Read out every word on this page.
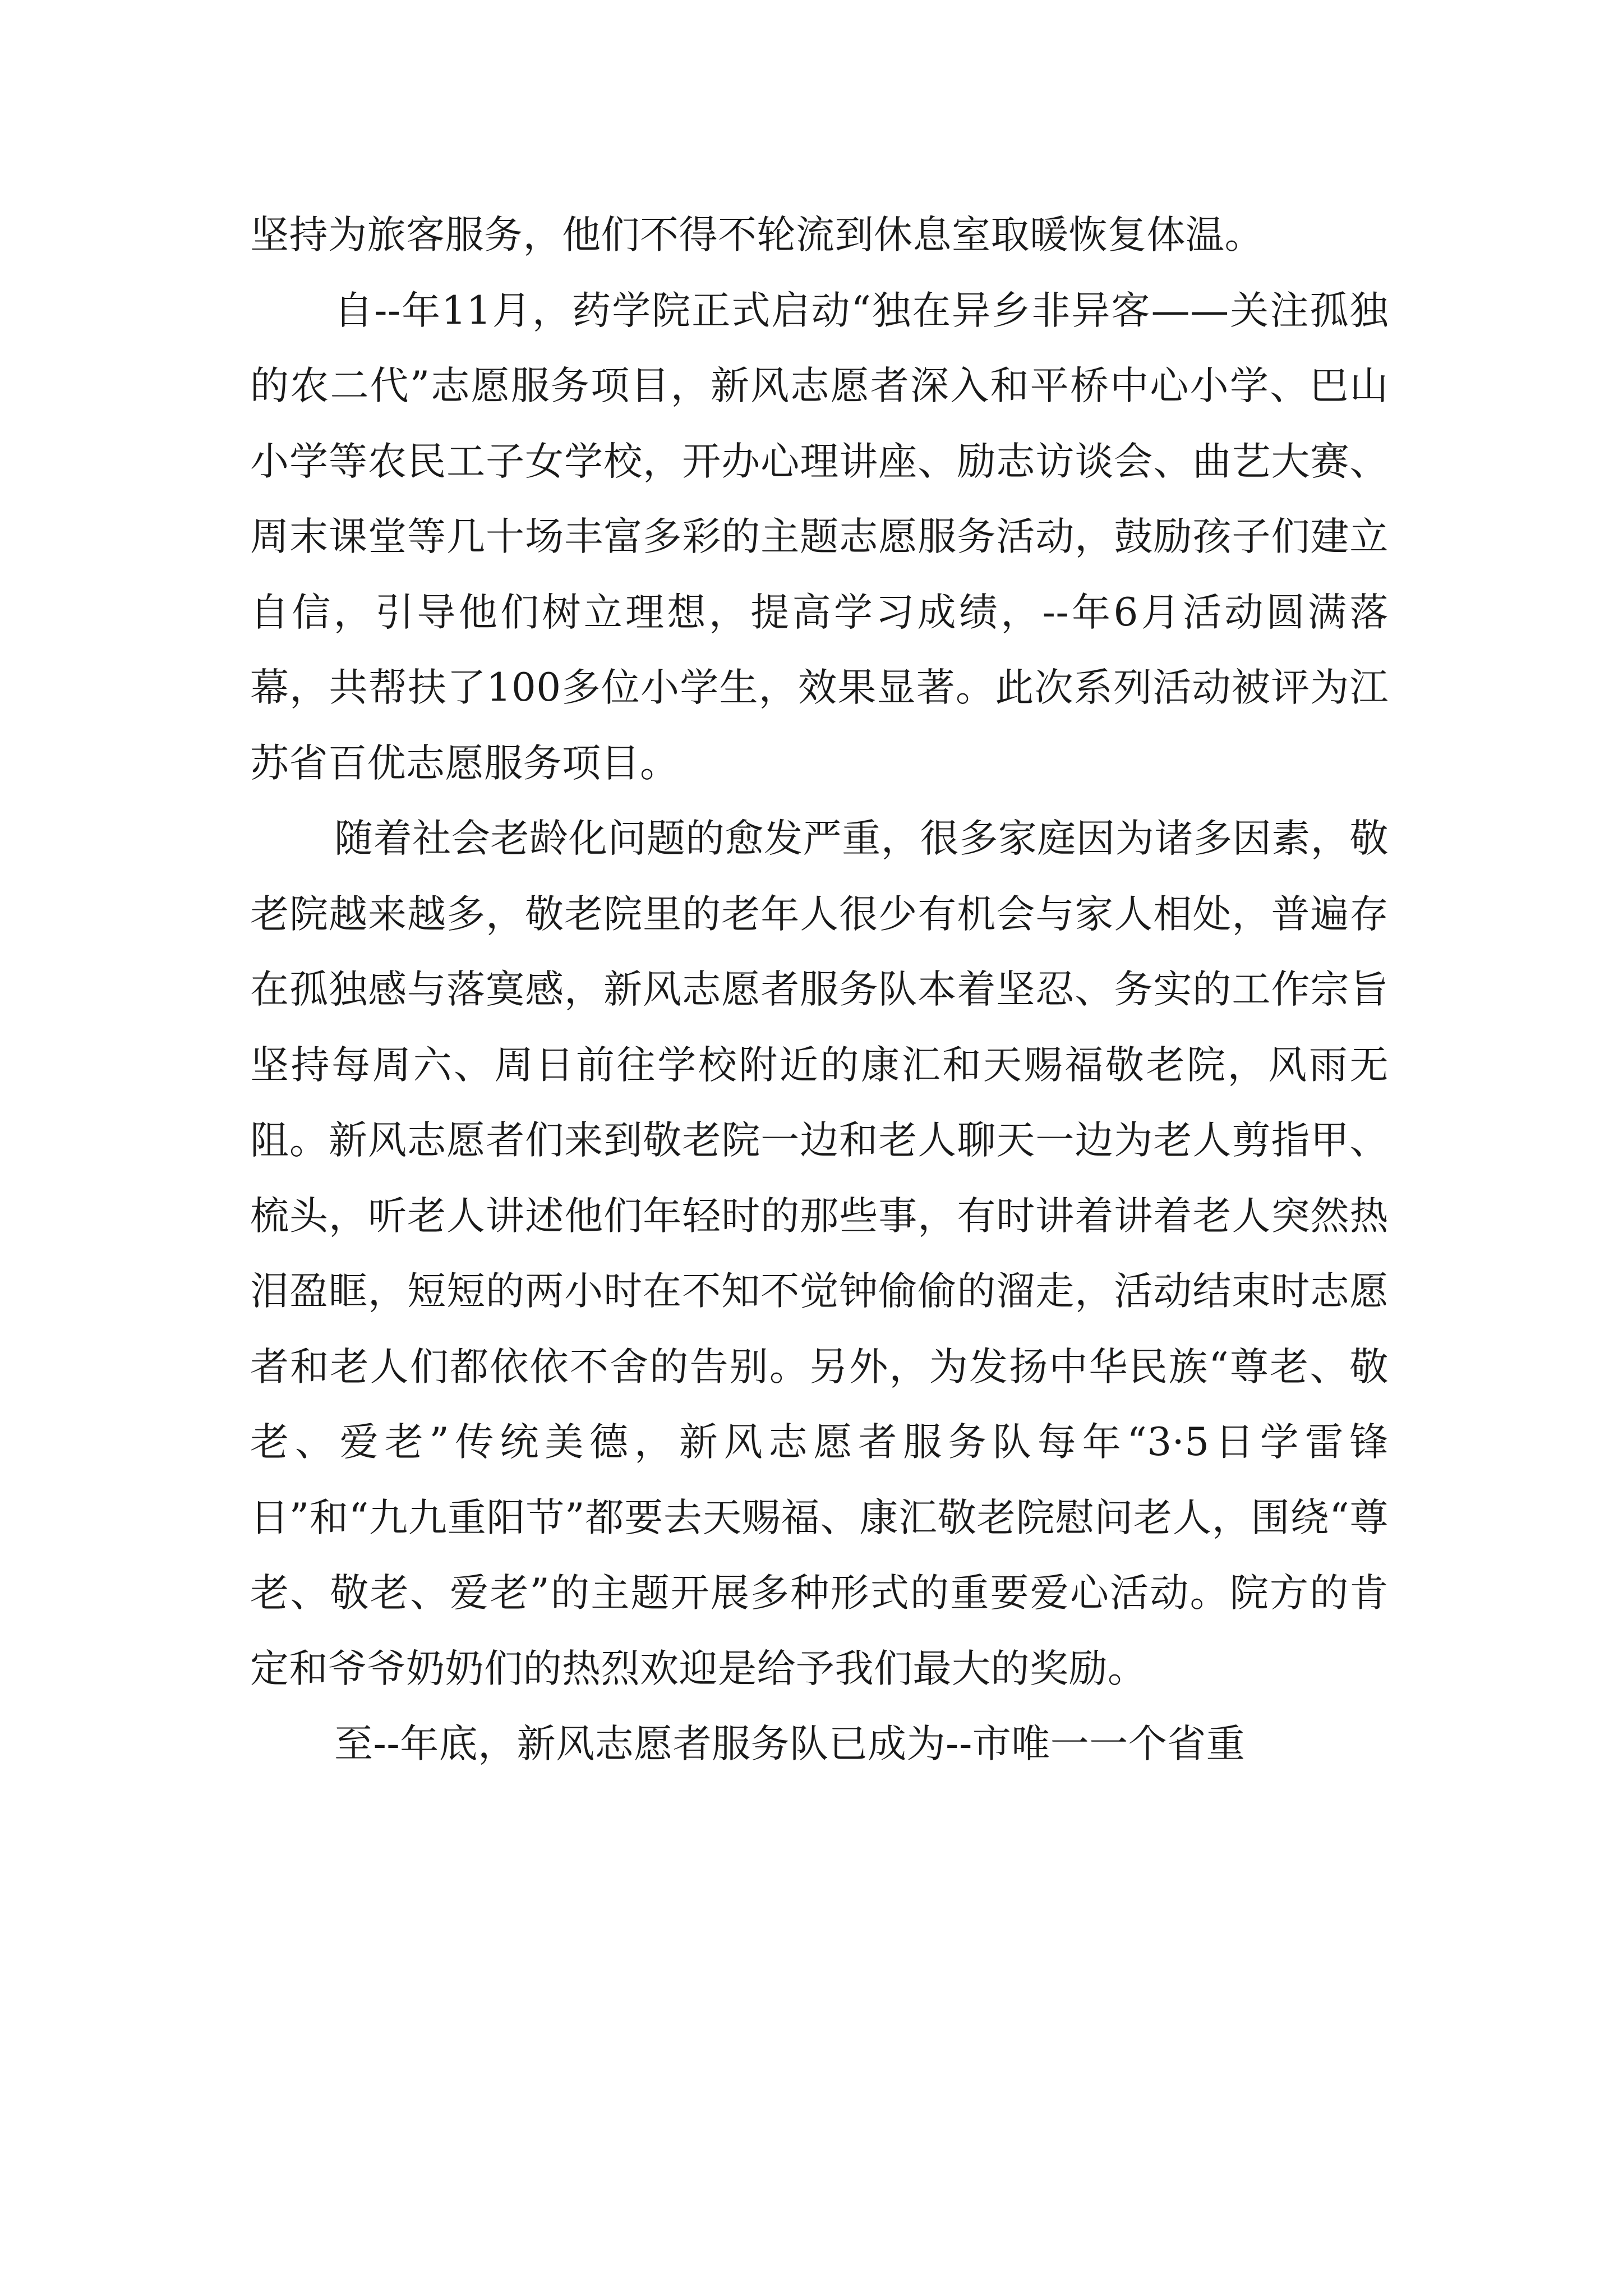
坚持为旅客服务，他们不得不轮流到休息室取暖恢复体温。

自--年11月，药学院正式启动“独在异乡非异客——关注孤独的农二代”志愿服务项目，新风志愿者深入和平桥中心小学、巴山小学等农民工子女学校，开办心理讲座、励志访谈会、曲艺大赛、周末课堂等几十场丰富多彩的主题志愿服务活动，鼓励孩子们建立自信，引导他们树立理想，提高学习成绩，--年6月活动圆满落幕，共帮扶了100多位小学生，效果显著。此次系列活动被评为江苏省百优志愿服务项目。

随着社会老龄化问题的愈发严重，很多家庭因为诸多因素，敬老院越来越多，敬老院里的老年人很少有机会与家人相处，普遍存在孤独感与落寞感，新风志愿者服务队本着坚忍、务实的工作宗旨坚持每周六、周日前往学校附近的康汇和天赐福敬老院，风雨无阻。新风志愿者们来到敬老院一边和老人聊天一边为老人剪指甲、梳头，听老人讲述他们年轻时的那些事，有时讲着讲着老人突然热泪盈眶，短短的两小时在不知不觉钟偷偷的溜走，活动结束时志愿者和老人们都依依不舍的告别。另外，为发扬中华民族“尊老、敬老、爱老”传统美德，新风志愿者服务队每年“3·5日学雷锋日”和“九九重阳节”都要去天赐福、康汇敬老院慰问老人，围绕“尊老、敬老、爱老”的主题开展多种形式的重要爱心活动。院方的肯定和爷爷奶奶们的热烈欢迎是给予我们最大的奖励。

至--年底，新风志愿者服务队已成为--市唯一一个省重
